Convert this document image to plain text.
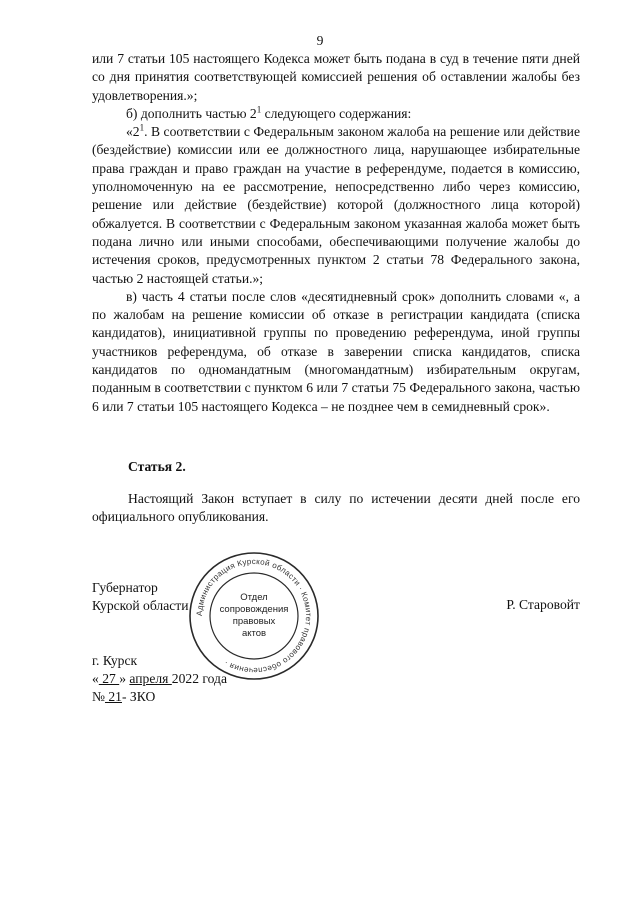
9

или 7 статьи 105 настоящего Кодекса может быть подана в суд в течение пяти дней со дня принятия соответствующей комиссией решения об оставлении жалобы без удовлетворения.»;

б) дополнить частью $2^1$ следующего содержания:

«$2^1$. В соответствии с Федеральным законом жалоба на решение или действие (бездействие) комиссии или ее должностного лица, нарушающее избирательные права граждан и право граждан на участие в референдуме, подается в комиссию, уполномоченную на ее рассмотрение, непосредственно либо через комиссию, решение или действие (бездействие) которой (должностного лица которой) обжалуется. В соответствии с Федеральным законом указанная жалоба может быть подана лично или иными способами, обеспечивающими получение жалобы до истечения сроков, предусмотренных пунктом 2 статьи 78 Федерального закона, частью 2 настоящей статьи.»;

в) часть 4 статьи после слов «десятидневный срок» дополнить словами «, а по жалобам на решение комиссии об отказе в регистрации кандидата (списка кандидатов), инициативной группы по проведению референдума, иной группы участников референдума, об отказе в заверении списка кандидатов, списка кандидатов по одномандатным (многомандатным) избирательным округам, поданным в соответствии с пунктом 6 или 7 статьи 75 Федерального закона, частью 6 или 7 статьи 105 настоящего Кодекса – не позднее чем в семидневный срок».

Статья 2.
Настоящий Закон вступает в силу по истечении десяти дней после его официального опубликования.
Губернатор
Курской области	Р. Старовойт
Администрация Курской области · Комитет правового обеспечения ·
Отдел
сопровождения
правовых
актов
г. Курск
« 27 » апреля 2022 года
№ 21- ЗКО
